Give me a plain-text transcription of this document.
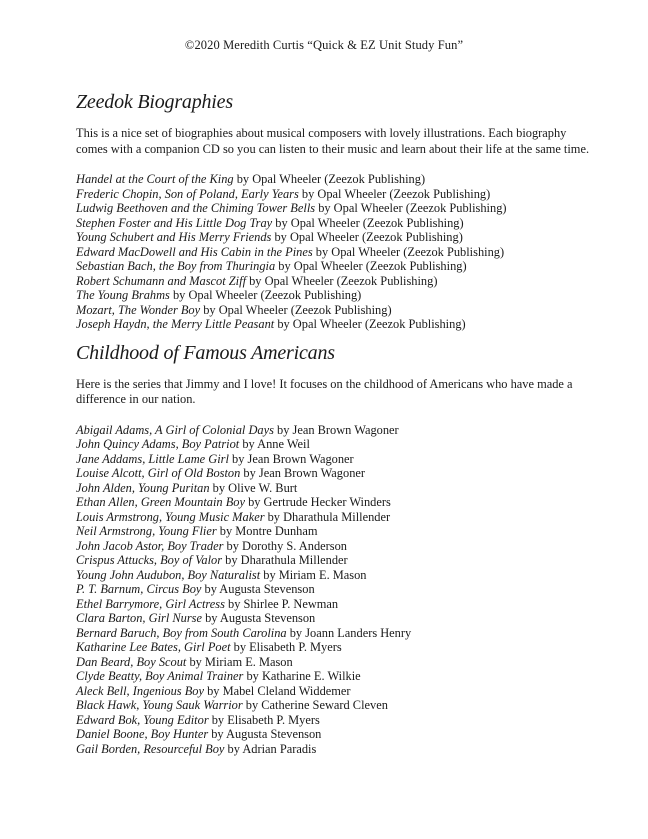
©2020 Meredith Curtis “Quick & EZ Unit Study Fun”
Zeedok Biographies

This is a nice set of biographies about musical composers with lovely illustrations. Each biography comes with a companion CD so you can listen to their music and learn about their life at the same time.

Handel at the Court of the King by Opal Wheeler (Zeezok Publishing)
Frederic Chopin, Son of Poland, Early Years by Opal Wheeler (Zeezok Publishing)
Ludwig Beethoven and the Chiming Tower Bells by Opal Wheeler (Zeezok Publishing)
Stephen Foster and His Little Dog Tray by Opal Wheeler (Zeezok Publishing)
Young Schubert and His Merry Friends by Opal Wheeler (Zeezok Publishing)
Edward MacDowell and His Cabin in the Pines by Opal Wheeler (Zeezok Publishing)
Sebastian Bach, the Boy from Thuringia by Opal Wheeler (Zeezok Publishing)
Robert Schumann and Mascot Ziff by Opal Wheeler (Zeezok Publishing)
The Young Brahms by Opal Wheeler (Zeezok Publishing)
Mozart, The Wonder Boy by Opal Wheeler (Zeezok Publishing)
Joseph Haydn, the Merry Little Peasant by Opal Wheeler (Zeezok Publishing)
Childhood of Famous Americans

Here is the series that Jimmy and I love! It focuses on the childhood of Americans who have made a difference in our nation.

Abigail Adams, A Girl of Colonial Days by Jean Brown Wagoner
John Quincy Adams, Boy Patriot by Anne Weil
Jane Addams, Little Lame Girl by Jean Brown Wagoner
Louise Alcott, Girl of Old Boston by Jean Brown Wagoner
John Alden, Young Puritan by Olive W. Burt
Ethan Allen, Green Mountain Boy by Gertrude Hecker Winders
Louis Armstrong, Young Music Maker by Dharathula Millender
Neil Armstrong, Young Flier by Montre Dunham
John Jacob Astor, Boy Trader by Dorothy S. Anderson
Crispus Attucks, Boy of Valor by Dharathula Millender
Young John Audubon, Boy Naturalist by Miriam E. Mason
P. T. Barnum, Circus Boy by Augusta Stevenson
Ethel Barrymore, Girl Actress by Shirlee P. Newman
Clara Barton, Girl Nurse by Augusta Stevenson
Bernard Baruch, Boy from South Carolina by Joann Landers Henry
Katharine Lee Bates, Girl Poet by Elisabeth P. Myers
Dan Beard, Boy Scout by Miriam E. Mason
Clyde Beatty, Boy Animal Trainer by Katharine E. Wilkie
Aleck Bell, Ingenious Boy by Mabel Cleland Widdemer
Black Hawk, Young Sauk Warrior by Catherine Seward Cleven
Edward Bok, Young Editor by Elisabeth P. Myers
Daniel Boone, Boy Hunter by Augusta Stevenson
Gail Borden, Resourceful Boy by Adrian Paradis
